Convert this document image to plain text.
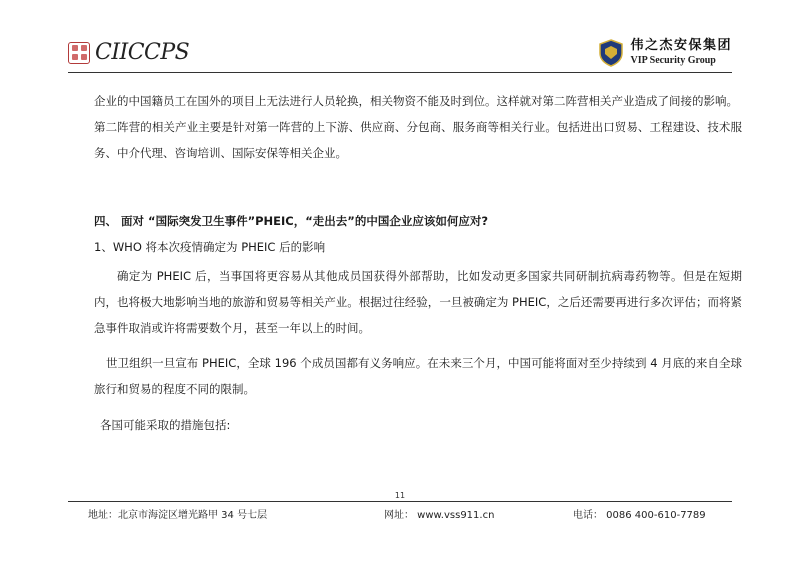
CIICCPS	伟之杰安保集团
VIP Security Group

企业的中国籍员工在国外的项目上无法进行人员轮换，相关物资不能及时到位。这样就对第二阵营相关产业造成了间接的影响。

第二阵营的相关产业主要是针对第一阵营的上下游、供应商、分包商、服务商等相关行业。包括进出口贸易、工程建设、技术服务、中介代理、咨询培训、国际安保等相关企业。

四、 面对 “国际突发卫生事件”PHEIC，“走出去”的中国企业应该如何应对?

1、WHO 将本次疫情确定为 PHEIC 后的影响

确定为 PHEIC 后，当事国将更容易从其他成员国获得外部帮助，比如发动更多国家共同研制抗病毒药物等。但是在短期内，也将极大地影响当地的旅游和贸易等相关产业。根据过往经验，一旦被确定为 PHEIC，之后还需要再进行多次评估；而将紧急事件取消或许将需要数个月，甚至一年以上的时间。

世卫组织一旦宣布 PHEIC，全球 196 个成员国都有义务响应。在未来三个月，中国可能将面对至少持续到 4 月底的来自全球旅行和贸易的程度不同的限制。

各国可能采取的措施包括:

11
地址：北京市海淀区增光路甲 34 号七层	网址： www.vss911.cn	电话： 0086 400-610-7789
